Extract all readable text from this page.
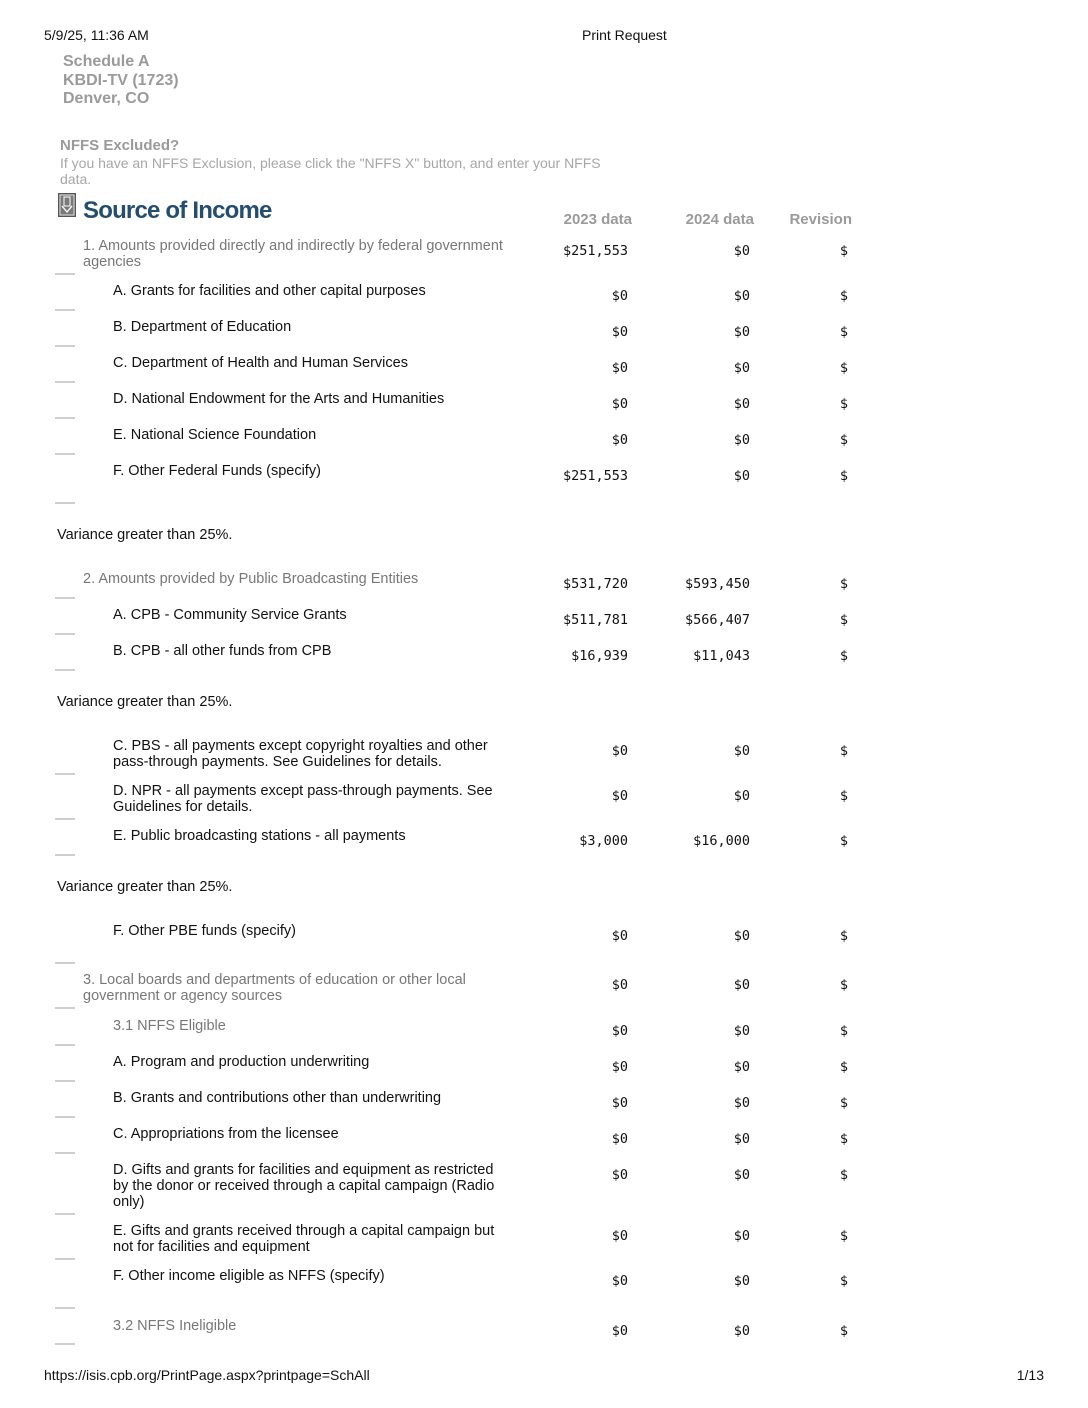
5/9/25, 11:36 AM	Print Request
Schedule A
KBDI-TV (1723)
Denver, CO
NFFS Excluded?
If you have an NFFS Exclusion, please click the "NFFS X" button, and enter your NFFS
data.
Source of Income	2023 data	2024 data Revision
1. Amounts provided directly and indirectly by federal government
agencies
$251,553	$0	$
A. Grants for facilities and other capital purposes	$0	$0	$
B. Department of Education	$0	$0	$
C. Department of Health and Human Services	$0	$0	$
D. National Endowment for the Arts and Humanities	$0	$0	$
E. National Science Foundation	$0	$0	$
F. Other Federal Funds (specify)	$251,553	$0	$
Variance greater than 25%.
2. Amounts provided by Public Broadcasting Entities	$531,720	$593,450	$
A. CPB - Community Service Grants	$511,781	$566,407	$
B. CPB - all other funds from CPB	$16,939	$11,043	$
Variance greater than 25%.
C. PBS - all payments except copyright royalties and other
pass-through payments. See Guidelines for details.
$0	$0	$
D. NPR - all payments except pass-through payments. See
Guidelines for details.
$0	$0	$
E. Public broadcasting stations - all payments	$3,000	$16,000	$
Variance greater than 25%.
F. Other PBE funds (specify)	$0	$0	$
3. Local boards and departments of education or other local
government or agency sources
$0	$0	$
3.1 NFFS Eligible	$0	$0	$
A. Program and production underwriting	$0	$0	$
B. Grants and contributions other than underwriting	$0	$0	$
C. Appropriations from the licensee	$0	$0	$
D. Gifts and grants for facilities and equipment as restricted
by the donor or received through a capital campaign (Radio
only)
$0	$0	$
E. Gifts and grants received through a capital campaign but
not for facilities and equipment
$0	$0	$
F. Other income eligible as NFFS (specify)	$0	$0	$
3.2 NFFS Ineligible	$0	$0	$
https://isis.cpb.org/PrintPage.aspx?printpage=SchAll	1/13
